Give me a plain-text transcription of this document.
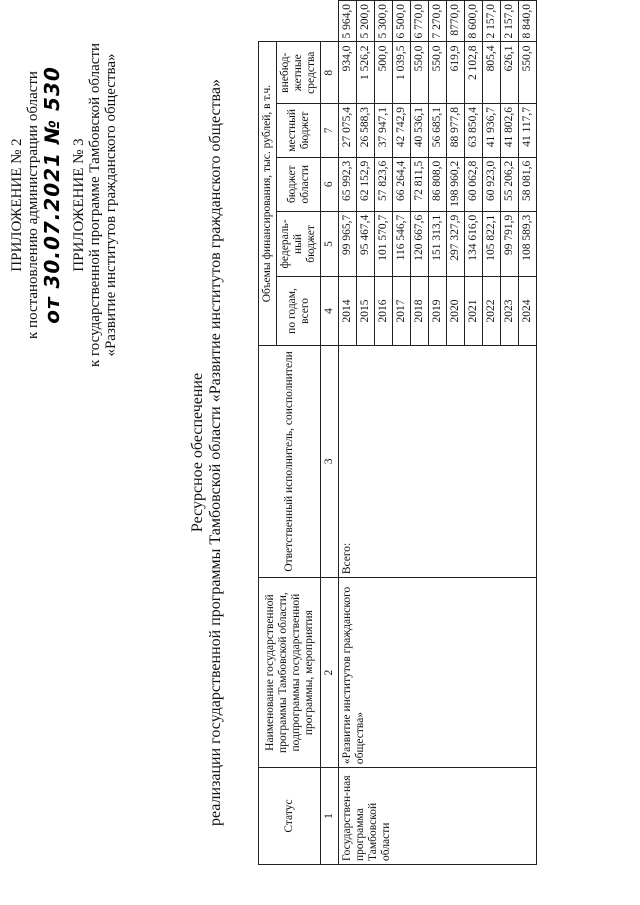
ПРИЛОЖЕНИЕ № 2 к постановлению администрации области от 30.07.2021 № 530 ПРИЛОЖЕНИЕ № 3 к государственной программе Тамбовской области «Развитие институтов гражданского общества»
Ресурсное обеспечение реализации государственной программы Тамбовской области «Развитие институтов гражданского общества»	Статус	Наименование государственной программы Тамбовской области, подпрограммы государственной программы, мероприятия	Ответственный исполнитель, соисполнители	Объемы финансирования, тыс. рублей, в т.ч.					
			по годам, всего	федераль-ный бюджет	бюджет области	местный бюджет	внебюд-жетные средства	
1	2	3	4	5	6	7	8	
Государствен-ная программа Тамбовской области	«Развитие институтов гражданского общества»	Всего:	2014	99 965,7	65 992,3	27 075,4	934,0	5 964,0
			2015	95 467,4	62 152,9	26 588,3	1 526,2	5 200,0
			2016	101 570,7	57 823,6	37 947,1	500,0	5 300,0
			2017	116 546,7	66 264,4	42 742,9	1 039,5	6 500,0
			2018	120 667,6	72 811,5	40 536,1	550,0	6 770,0
			2019	151 313,1	86 808,0	56 685,1	550,0	7 270,0
			2020	297 327,9	198 960,2	88 977,8	619,9	8770,0
			2021	134 616,0	60 062,8	63 850,4	2 102,8	8 600,0
			2022	105 822,1	60 923,0	41 936,7	805,4	2 157,0
			2023	99 791,9	55 206,2	41 802,6	626,1	2 157,0
			2024	108 589,3	58 081,6	41 117,7	550,0	8 840,0
